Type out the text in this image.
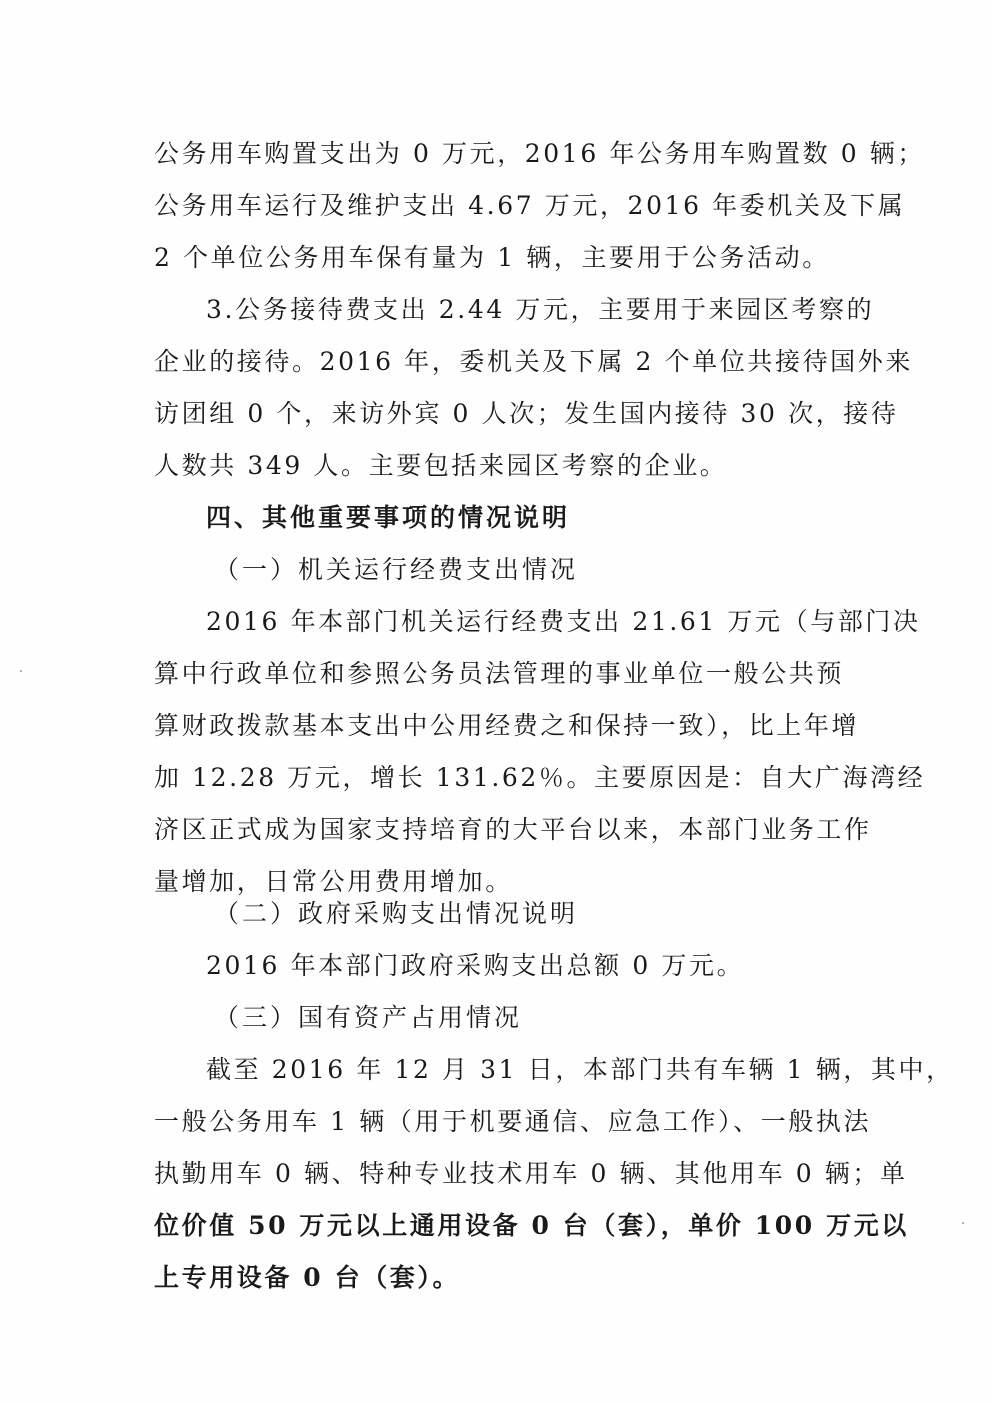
公务用车购置支出为 0 万元，2016 年公务用车购置数 0 辆；
公务用车运行及维护支出 4.67 万元，2016 年委机关及下属
2 个单位公务用车保有量为 1 辆，主要用于公务活动。
3.公务接待费支出 2.44 万元，主要用于来园区考察的
企业的接待。2016 年，委机关及下属 2 个单位共接待国外来
访团组 0 个，来访外宾 0 人次；发生国内接待 30 次，接待
人数共 349 人。主要包括来园区考察的企业。
四、其他重要事项的情况说明
（一）机关运行经费支出情况
2016 年本部门机关运行经费支出 21.61 万元（与部门决
算中行政单位和参照公务员法管理的事业单位一般公共预
算财政拨款基本支出中公用经费之和保持一致），比上年增
加 12.28 万元，增长 131.62％。主要原因是：自大广海湾经
济区正式成为国家支持培育的大平台以来，本部门业务工作
量增加，日常公用费用增加。
（二）政府采购支出情况说明
2016 年本部门政府采购支出总额 0 万元。
（三）国有资产占用情况
截至 2016 年 12 月 31 日，本部门共有车辆 1 辆，其中，
一般公务用车 1 辆（用于机要通信、应急工作）、一般执法
执勤用车 0 辆、特种专业技术用车 0 辆、其他用车 0 辆；单
位价值 50 万元以上通用设备 0 台（套），单价 100 万元以
上专用设备 0 台（套）。
